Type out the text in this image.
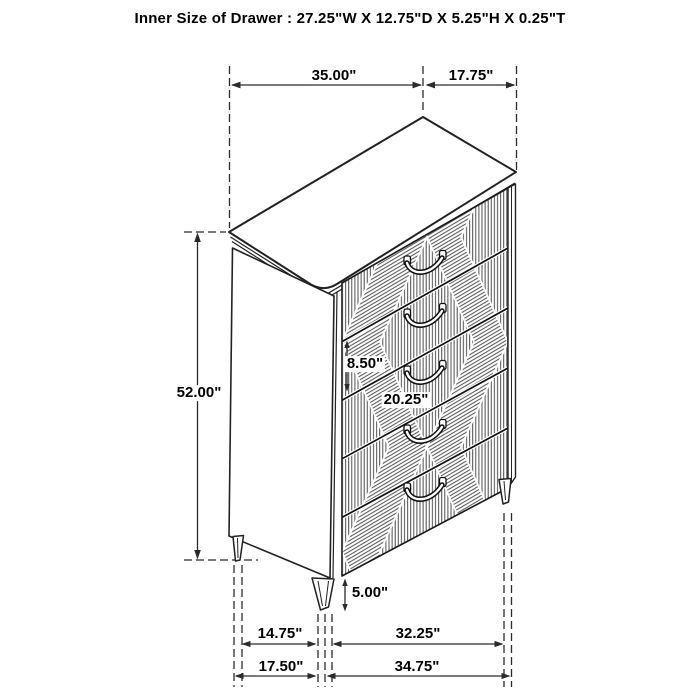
Inner Size of Drawer : 27.25"W X 12.75"D X 5.25"H X 0.25"T
35.00"	17.75"
52.00"
8.50"
20.25"
5.00"
14.75"	32.25"
17.50"	34.75"
